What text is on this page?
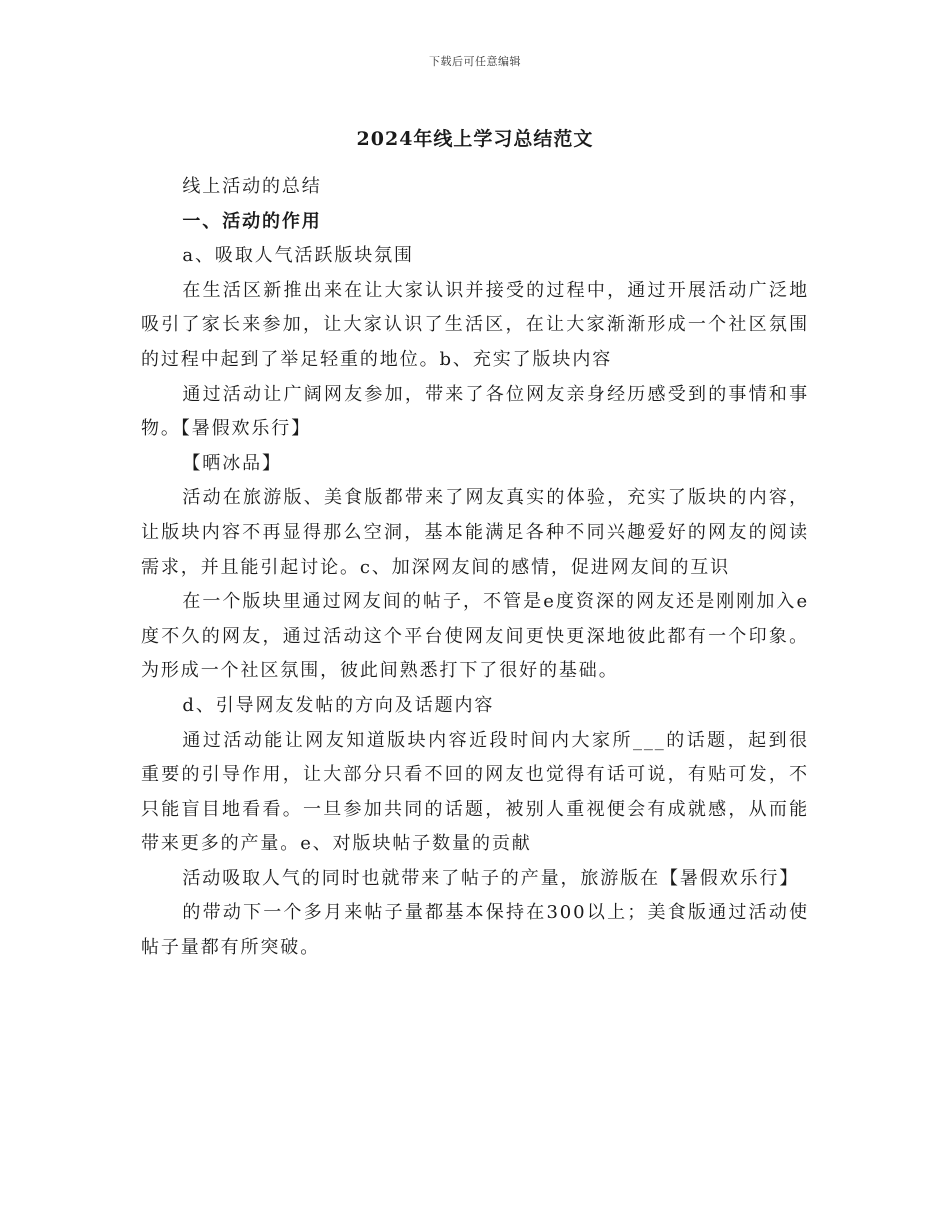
下载后可任意编辑
2024年线上学习总结范文

线上活动的总结

一、活动的作用

a、吸取人气活跃版块氛围

在生活区新推出来在让大家认识并接受的过程中，通过开展活动广泛地吸引了家长来参加，让大家认识了生活区，在让大家渐渐形成一个社区氛围的过程中起到了举足轻重的地位。b、充实了版块内容

通过活动让广阔网友参加，带来了各位网友亲身经历感受到的事情和事物。【暑假欢乐行】

【晒冰品】

活动在旅游版、美食版都带来了网友真实的体验，充实了版块的内容，让版块内容不再显得那么空洞，基本能满足各种不同兴趣爱好的网友的阅读需求，并且能引起讨论。c、加深网友间的感情，促进网友间的互识

在一个版块里通过网友间的帖子，不管是e度资深的网友还是刚刚加入e度不久的网友，通过活动这个平台使网友间更快更深地彼此都有一个印象。为形成一个社区氛围，彼此间熟悉打下了很好的基础。

d、引导网友发帖的方向及话题内容

通过活动能让网友知道版块内容近段时间内大家所___的话题，起到很重要的引导作用，让大部分只看不回的网友也觉得有话可说，有贴可发，不只能盲目地看看。一旦参加共同的话题，被别人重视便会有成就感，从而能带来更多的产量。e、对版块帖子数量的贡献

活动吸取人气的同时也就带来了帖子的产量，旅游版在【暑假欢乐行】

的带动下一个多月来帖子量都基本保持在300以上；美食版通过活动使帖子量都有所突破。
